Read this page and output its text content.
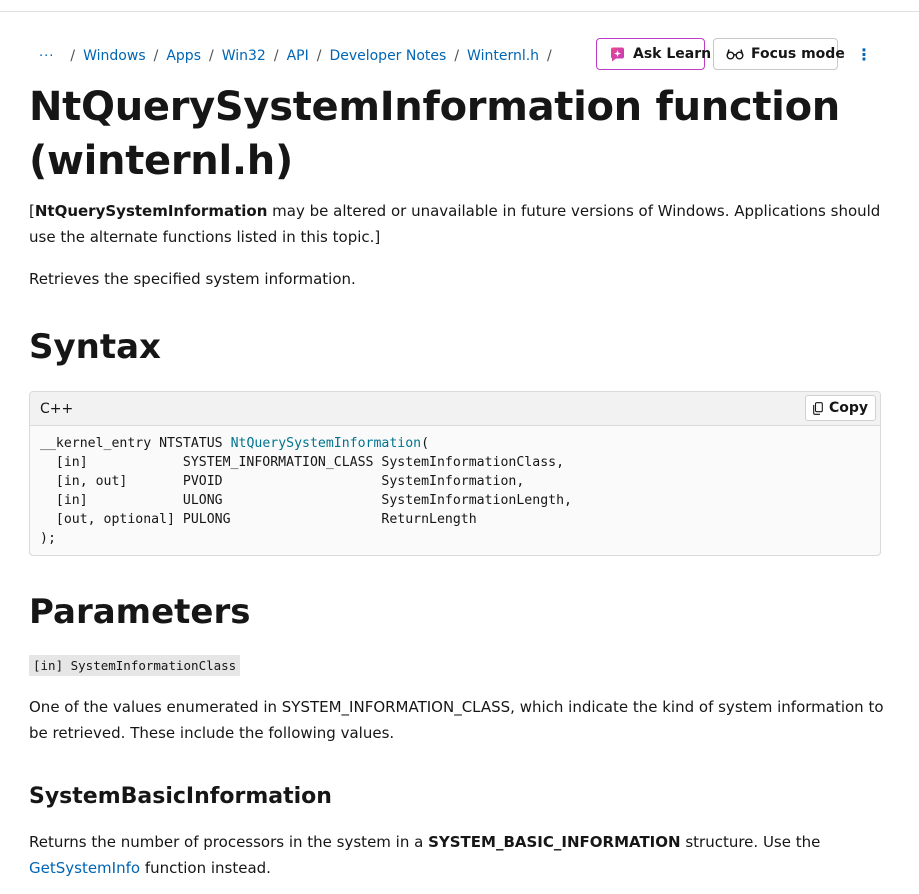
··· / Windows / Apps / Win32 / API / Developer Notes / Winternl.h /	Ask Learn	Focus mode ⋮
NtQuerySystemInformation function (winternl.h)

[NtQuerySystemInformation may be altered or unavailable in future versions of Windows. Applications should use the alternate functions listed in this topic.]

Retrieves the specified system information.

Syntax
C++	Copy
__kernel_entry NTSTATUS NtQuerySystemInformation(
[in]            SYSTEM_INFORMATION_CLASS SystemInformationClass,
[in, out]       PVOID                    SystemInformation,
[in]            ULONG                    SystemInformationLength,
[out, optional] PULONG                   ReturnLength
);
Parameters
[in] SystemInformationClass

One of the values enumerated in SYSTEM_INFORMATION_CLASS, which indicate the kind of system information to be retrieved. These include the following values.

SystemBasicInformation

Returns the number of processors in the system in a SYSTEM_BASIC_INFORMATION structure. Use the GetSystemInfo function instead.
